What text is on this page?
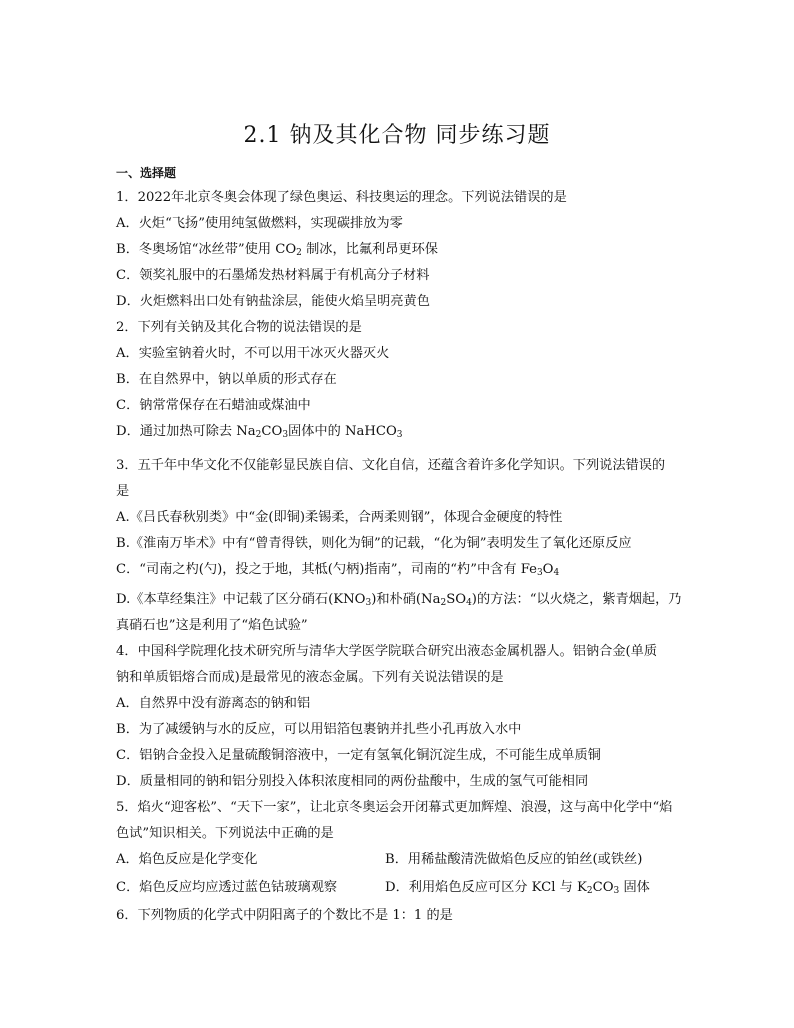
2.1 钠及其化合物 同步练习题
一、选择题
1．2022年北京冬奥会体现了绿色奥运、科技奥运的理念。下列说法错误的是
A．火炬“飞扬”使用纯氢做燃料，实现碳排放为零
B．冬奥场馆“冰丝带”使用 $CO_2$ 制冰，比氟利昂更环保
C．领奖礼服中的石墨烯发热材料属于有机高分子材料
D．火炬燃料出口处有钠盐涂层，能使火焰呈明亮黄色
2．下列有关钠及其化合物的说法错误的是
A．实验室钠着火时，不可以用干冰灭火器灭火
B．在自然界中，钠以单质的形式存在
C．钠常常保存在石蜡油或煤油中
D．通过加热可除去 $Na_2CO_3$固体中的 NaHCO$_3$
3．五千年中华文化不仅能彰显民族自信、文化自信，还蕴含着许多化学知识。下列说法错误的
是
A.《吕氏春秋别类》中“金(即铜)柔锡柔，合两柔则钢”，体现合金硬度的特性
B.《淮南万毕术》中有“曾青得铁，则化为铜”的记载，“化为铜”表明发生了氧化还原反应
C．“司南之杓(勺)，投之于地，其柢(勺柄)指南”，司南的“杓”中含有 $Fe_3O_4$
D.《本草经集注》中记载了区分硝石$(KNO_3)$和朴硝$(Na_2SO_4)$的方法：“以火烧之，紫青烟起，乃
真硝石也”这是利用了“焰色试验”
4．中国科学院理化技术研究所与清华大学医学院联合研究出液态金属机器人。铝钠合金(单质
钠和单质铝熔合而成)是最常见的液态金属。下列有关说法错误的是
A．自然界中没有游离态的钠和铝
B．为了减缓钠与水的反应，可以用铝箔包裹钠并扎些小孔再放入水中
C．铝钠合金投入足量硫酸铜溶液中，一定有氢氧化铜沉淀生成，不可能生成单质铜
D．质量相同的钠和铝分别投入体积浓度相同的两份盐酸中，生成的氢气可能相同
5．焰火“迎客松”、“天下一家”，让北京冬奥运会开闭幕式更加辉煌、浪漫，这与高中化学中“焰
色试”知识相关。下列说法中正确的是
A．焰色反应是化学变化	B．用稀盐酸清洗做焰色反应的铂丝(或铁丝)
C．焰色反应均应透过蓝色钴玻璃观察	D．利用焰色反应可区分 KCl 与 $K_2CO_3$ 固体
6．下列物质的化学式中阴阳离子的个数比不是 1：1 的是
